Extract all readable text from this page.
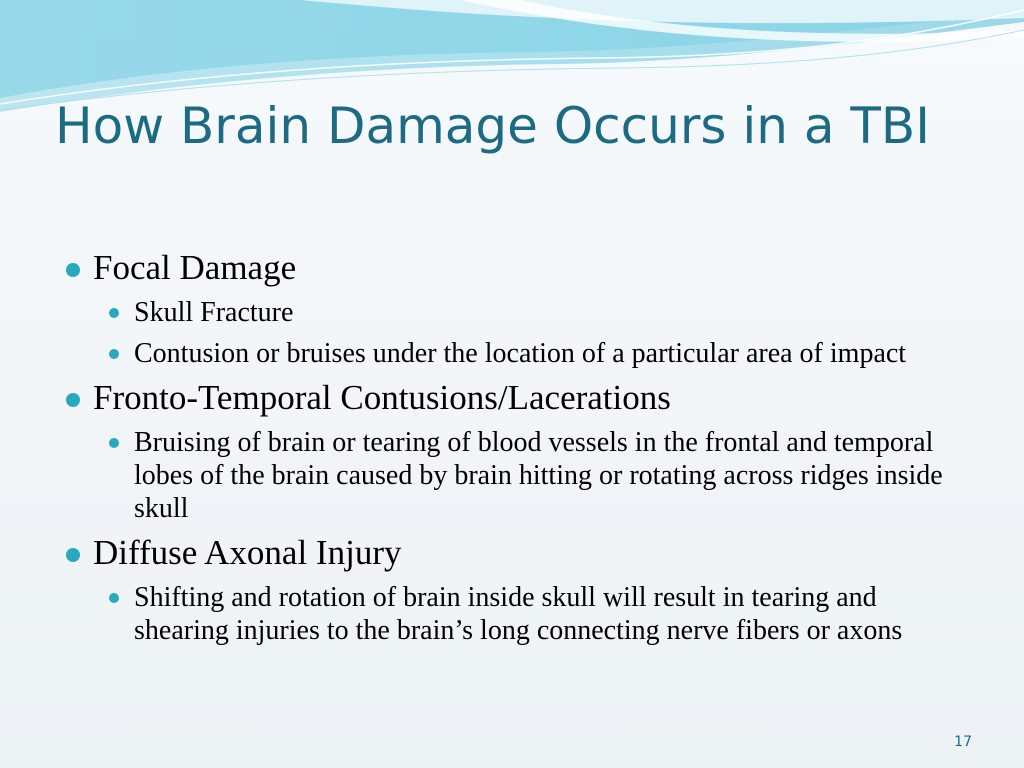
How Brain Damage Occurs in a TBI
Focal Damage
Skull Fracture
Contusion or bruises under the location of a particular area of impact
Fronto-Temporal Contusions/Lacerations
Bruising of brain or tearing of blood vessels in the frontal and temporal lobes of the brain caused by brain hitting or rotating across ridges inside skull
Diffuse Axonal Injury
Shifting and rotation of brain inside skull will result in tearing and shearing injuries to the brain’s long connecting nerve fibers or axons
17
